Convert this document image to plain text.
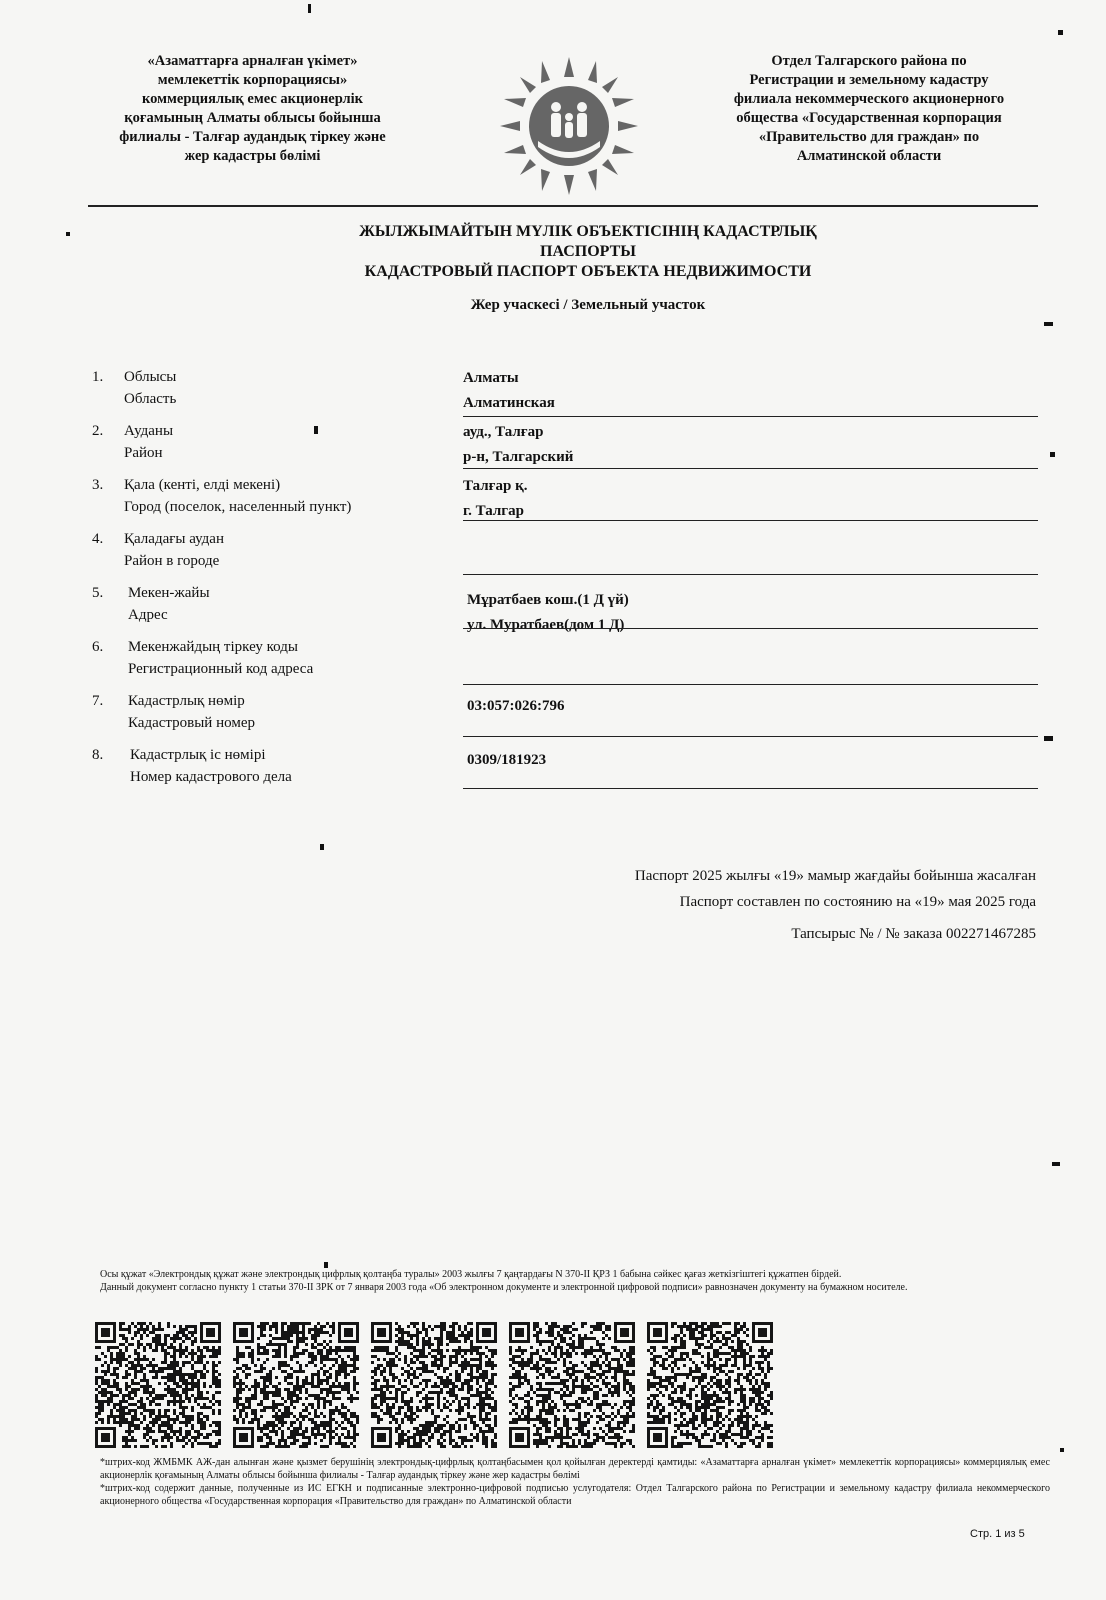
«Азаматтарға арналған үкімет»
мемлекеттік корпорациясы»
коммерциялық емес акционерлік
қоғамының Алматы облысы бойынша
филиалы - Талғар аудандық тіркеу және
жер кадастры бөлімі
Отдел Талгарского района по
Регистрации и земельному кадастру
филиала некоммерческого акционерного
общества «Государственная корпорация
«Правительство для граждан» по
Алматинской области
ЖЫЛЖЫМАЙТЫН МҮЛІК ОБЪЕКТІСІНІҢ КАДАСТРЛЫҚ
ПАСПОРТЫ
КАДАСТРОВЫЙ ПАСПОРТ ОБЪЕКТА НЕДВИЖИМОСТИ
Жер учаскесі / Земельный участок
1.	Облысы
Область
Алматы
Алматинская
2.	Ауданы
Район
ауд., Талғар
р-н, Талгарский
3.	Қала (кенті, елді мекені)
Город (поселок, населенный пункт)
Талғар қ.
г. Талгар
4.	Қаладағы аудан
Район в городе
5.	Мекен-жайы
Адрес
Мұратбаев кош.(1 Д үй)
ул. Муратбаев(дом 1 Д)
6.	Мекенжайдың тіркеу коды
Регистрационный код адреса
7.	Кадастрлық нөмір
Кадастровый номер
03:057:026:796
8.	Кадастрлық іс нөмірі
Номер кадастрового дела
0309/181923
Паспорт 2025 жылғы «19» мамыр жағдайы бойынша жасалған
Паспорт составлен по состоянию на «19» мая 2025 года
Тапсырыс № / № заказа 002271467285
Осы құжат «Электрондық құжат және электрондық цифрлық қолтаңба туралы» 2003 жылғы 7 қаңтардағы N 370-II ҚРЗ 1 бабына сәйкес қағаз жеткізгіштегі құжатпен бірдей.
Данный документ согласно пункту 1 статьи 370-II ЗРК от 7 января 2003 года «Об электронном документе и электронной цифровой подписи» равнозначен документу на бумажном носителе.
*штрих-код ЖМБМК АЖ-дан алынған және қызмет берушінің электрондық-цифрлық қолтаңбасымен қол қойылған деректерді қамтиды: «Азаматтарға арналған үкімет» мемлекеттік корпорациясы» коммерциялық емес акционерлік қоғамының Алматы облысы бойынша филиалы - Талғар аудандық тіркеу және жер кадастры бөлімі
*штрих-код содержит данные, полученные из ИС ЕГКН и подписанные электронно-цифровой подписью услугодателя: Отдел Талгарского района по Регистрации и земельному кадастру филиала некоммерческого акционерного общества «Государственная корпорация «Правительство для граждан» по Алматинской области
Стр. 1 из 5
